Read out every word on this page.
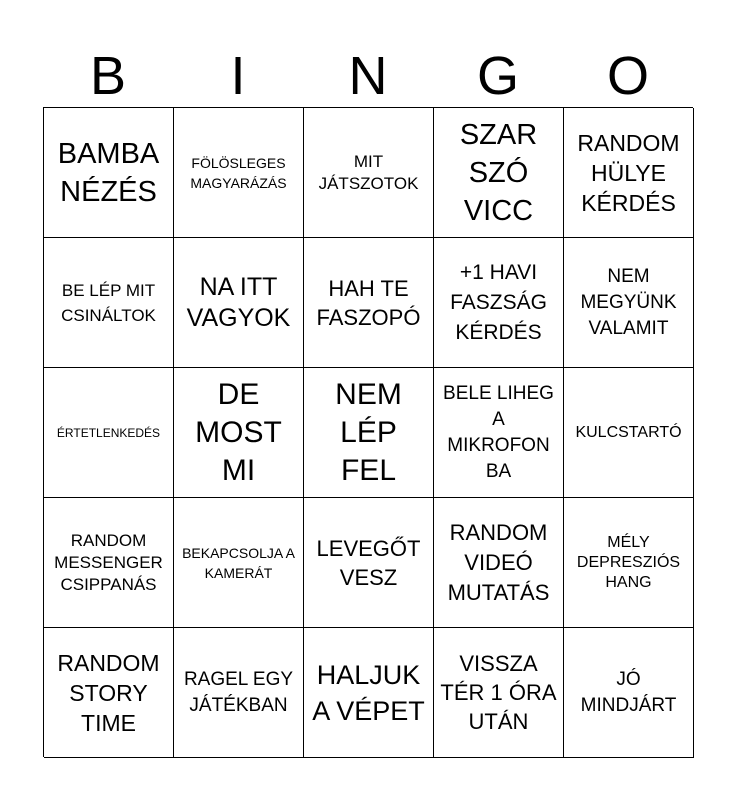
B	I	N	G	O
BAMBA NÉZÉS
FÖLÖSLEGES MAGYARÁZÁS
MIT JÁTSZOTOK
SZAR SZÓ VICC
RANDOM HÜLYE KÉRDÉS
BE LÉP MIT CSINÁLTOK
NA ITT VAGYOK
HAH TE FASZOPÓ
+1 HAVI FASZSÁG KÉRDÉS
NEM MEGYÜNK VALAMIT
ÉRTETLENKEDÉS
DE MOST MI
NEM LÉP FEL
BELE LIHEG A MIKROFON BA
KULCSTARTÓ
RANDOM MESSENGER CSIPPANÁS
BEKAPCSOLJA A KAMERÁT
LEVEGŐT VESZ
RANDOM VIDEÓ MUTATÁS
MÉLY DEPRESZIÓS HANG
RANDOM STORY TIME
RAGEL EGY JÁTÉKBAN
HALJUK A VÉPET
VISSZA TÉR 1 ÓRA UTÁN
JÓ MINDJÁRT
